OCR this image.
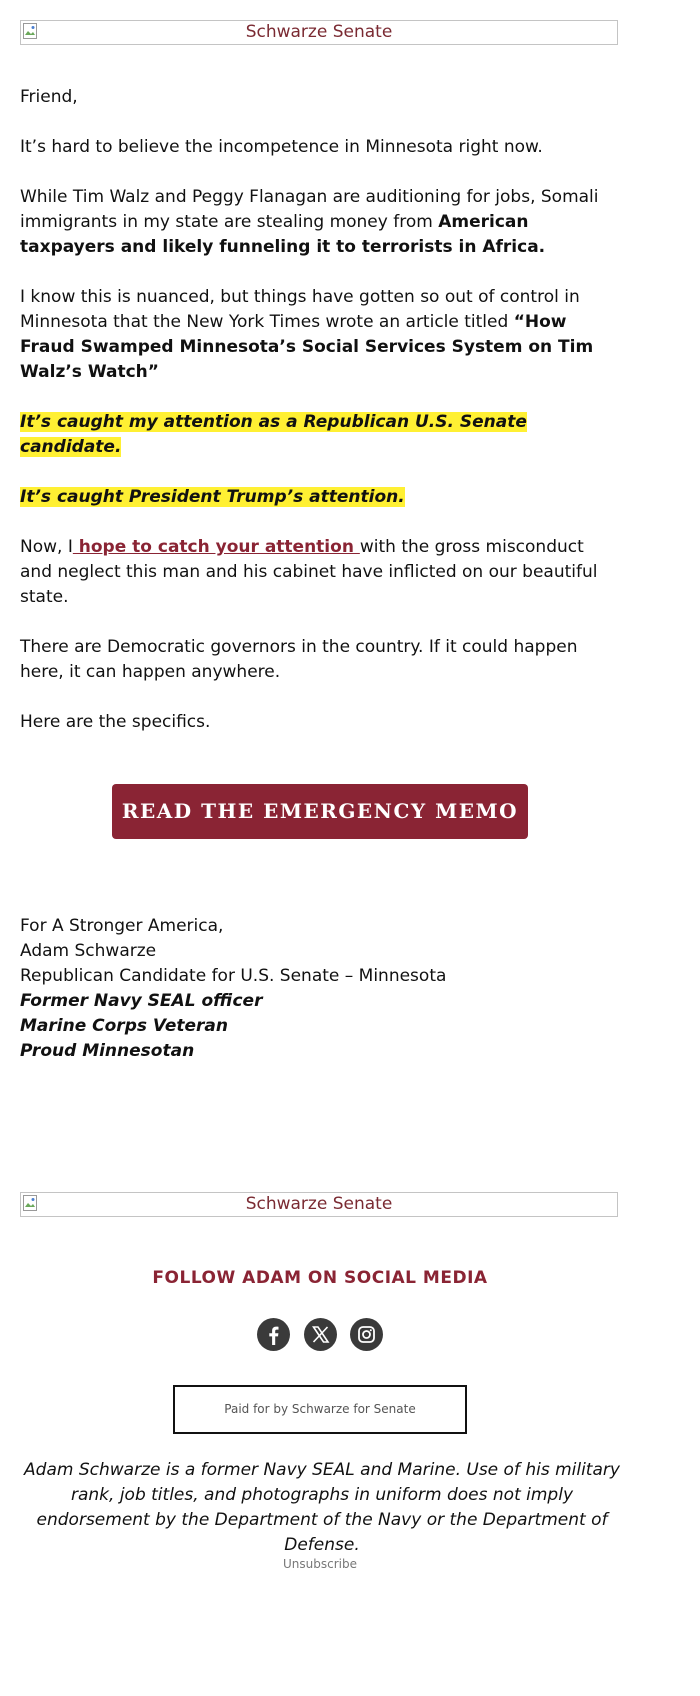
Schwarze Senate

Friend,

It’s hard to believe the incompetence in Minnesota right now.

While Tim Walz and Peggy Flanagan are auditioning for jobs, Somali immigrants in my state are stealing money from American taxpayers and likely funneling it to terrorists in Africa.

I know this is nuanced, but things have gotten so out of control in Minnesota that the New York Times wrote an article titled “How Fraud Swamped Minnesota’s Social Services System on Tim Walz’s Watch”

It’s caught my attention as a Republican U.S. Senate candidate.

It’s caught President Trump’s attention.

Now, I hope to catch your attention with the gross misconduct and neglect this man and his cabinet have inflicted on our beautiful state.

There are Democratic governors in the country. If it could happen here, it can happen anywhere.

Here are the specifics.

READ THE EMERGENCY MEMO →
For A Stronger America,
Adam Schwarze
Republican Candidate for U.S. Senate – Minnesota
Former Navy SEAL officer
Marine Corps Veteran
Proud Minnesotan
Schwarze Senate
FOLLOW ADAM ON SOCIAL MEDIA

Paid for by Schwarze for Senate
Adam Schwarze is a former Navy SEAL and Marine. Use of his military rank, job titles, and photographs in uniform does not imply endorsement by the Department of the Navy or the Department of Defense.
Unsubscribe
